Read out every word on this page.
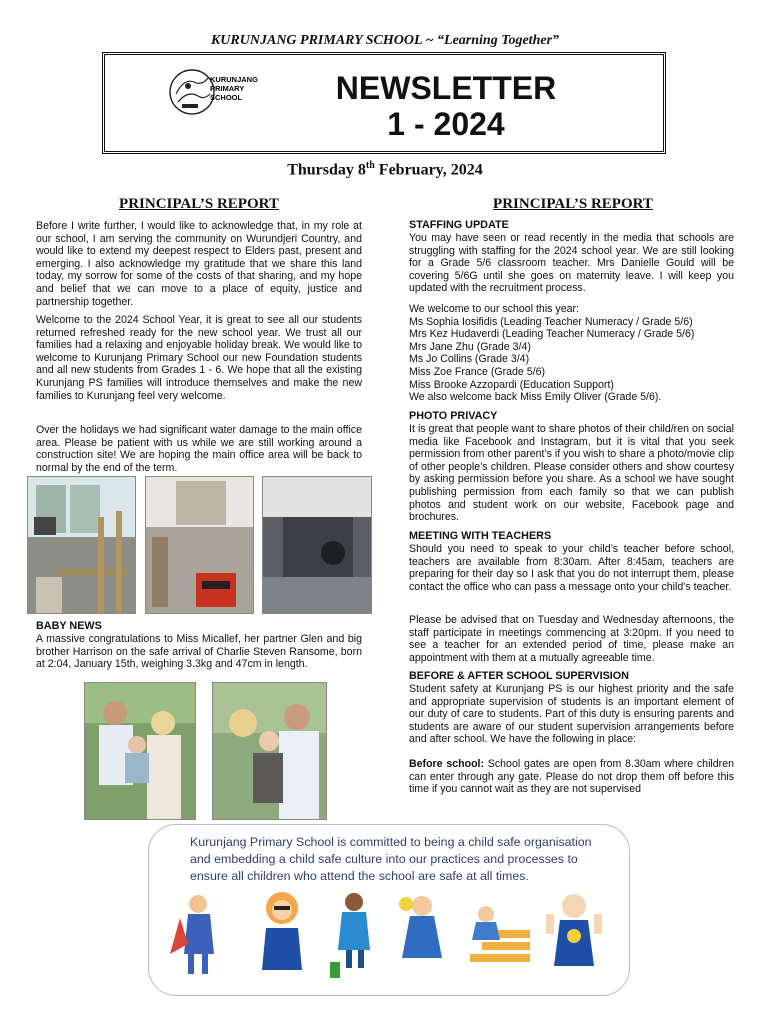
KURUNJANG PRIMARY SCHOOL ~ “Learning Together”
KURUNJANG
PRIMARY
SCHOOL	NEWSLETTER
1 - 2024
Thursday 8th February, 2024
PRINCIPAL’S REPORT
Before I write further, I would like to acknowledge that, in my role at our school, I am serving the community on Wurundjeri Country, and would like to extend my deepest respect to Elders past, present and emerging. I also acknowledge my gratitude that we share this land today, my sorrow for some of the costs of that sharing, and my hope and belief that we can move to a place of equity, justice and partnership together.
Welcome to the 2024 School Year, it is great to see all our students returned refreshed ready for the new school year. We trust all our families had a relaxing and enjoyable holiday break. We would like to welcome to Kurunjang Primary School our new Foundation students and all new students from Grades 1 - 6. We hope that all the existing Kurunjang PS families will introduce themselves and make the new families to Kurunjang feel very welcome.
Over the holidays we had significant water damage to the main office area. Please be patient with us while we are still working around a construction site! We are hoping the main office area will be back to normal by the end of the term.
BABY NEWS
A massive congratulations to Miss Micallef, her partner Glen and big brother Harrison on the safe arrival of Charlie Steven Ransome, born at 2:04, January 15th, weighing 3.3kg and 47cm in length.
PRINCIPAL’S REPORT
STAFFING UPDATE
You may have seen or read recently in the media that schools are struggling with staffing for the 2024 school year. We are still looking for a Grade 5/6 classroom teacher. Mrs Danielle Gould will be covering 5/6G until she goes on maternity leave. I will keep you updated with the recruitment process.
We welcome to our school this year:
Ms Sophia Iosifidis (Leading Teacher Numeracy / Grade 5/6)
Mrs Kez Hudaverdi (Leading Teacher Numeracy / Grade 5/6)
Mrs Jane Zhu (Grade 3/4)
Ms Jo Collins (Grade 3/4)
Miss Zoe France (Grade 5/6)
Miss Brooke Azzopardi (Education Support)
We also welcome back Miss Emily Oliver (Grade 5/6).
PHOTO PRIVACY
It is great that people want to share photos of their child/ren on social media like Facebook and Instagram, but it is vital that you seek permission from other parent’s if you wish to share a photo/movie clip of other people’s children. Please consider others and show courtesy by asking permission before you share. As a school we have sought publishing permission from each family so that we can publish photos and student work on our website, Facebook page and brochures.
MEETING WITH TEACHERS
Should you need to speak to your child’s teacher before school, teachers are available from 8:30am. After 8:45am, teachers are preparing for their day so I ask that you do not interrupt them, please contact the office who can pass a message onto your child’s teacher.
Please be advised that on Tuesday and Wednesday afternoons, the staff participate in meetings commencing at 3:20pm. If you need to see a teacher for an extended period of time, please make an appointment with them at a mutually agreeable time.
BEFORE & AFTER SCHOOL SUPERVISION
Student safety at Kurunjang PS is our highest priority and the safe and appropriate supervision of students is an important element of our duty of care to students. Part of this duty is ensuring parents and students are aware of our student supervision arrangements before and after school. We have the following in place:
Before school: School gates are open from 8.30am where children can enter through any gate. Please do not drop them off before this time if you cannot wait as they are not supervised
Kurunjang Primary School is committed to being a child safe organisation and embedding a child safe culture into our practices and processes to ensure all children who attend the school are safe at all times.
